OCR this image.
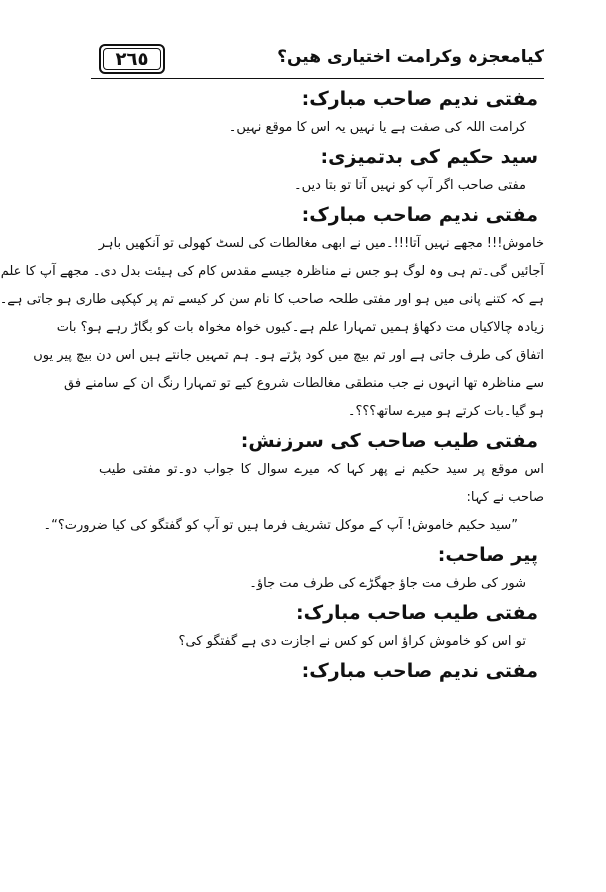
٢٦٥	کیامعجزہ وکرامت اختیاری ھیں؟

مفتی ندیم صاحب مبارک:

کرامت اللہ کی صفت ہے یا نہیں یہ اس کا موقع نہیں۔

سید حکیم کی بدتمیزی:

مفتی صاحب اگر آپ کو نہیں آتا تو بتا دیں۔

مفتی ندیم صاحب مبارک:

خاموش!!! مجھے نہیں آتا!!!۔میں نے ابھی مغالطات کی لسٹ کھولی تو آنکھیں باہر

آجائیں گی۔تم ہی وہ لوگ ہو جس نے مناظرہ جیسے مقدس کام کی ہیئت بدل دی۔ مجھے آپ کا علم

ہے کہ کتنے پانی میں ہو اور مفتی طلحہ صاحب کا نام سن کر کیسے تم پر کپکپی طاری ہو جاتی ہے۔

زیادہ چالاکیاں مت دکھاؤ ہمیں تمہارا علم ہے۔کیوں خواہ مخواہ بات کو بگاڑ رہے ہو؟ بات

اتفاق کی طرف جاتی ہے اور تم بیچ میں کود پڑتے ہو۔ ہم تمہیں جانتے ہیں اس دن بیچ پیر یوں

سے مناظرہ تھا انہوں نے جب منطقی مغالطات شروع کیے تو تمہارا رنگ ان کے سامنے فق

ہو گیا۔بات کرتے ہو میرے ساتھ؟؟؟۔

مفتی طیب صاحب کی سرزنش:

اس موقع پر سید حکیم نے پھر کہا کہ میرے سوال کا جواب دو۔تو مفتی طیب

صاحب نے کہا:

”سید حکیم خاموش! آپ کے موکل تشریف فرما ہیں تو آپ کو گفتگو کی کیا ضرورت؟“۔

پیر صاحب:

شور کی طرف مت جاؤ جھگڑے کی طرف مت جاؤ۔

مفتی طیب صاحب مبارک:

تو اس کو خاموش کراؤ اس کو کس نے اجازت دی ہے گفتگو کی؟

مفتی ندیم صاحب مبارک:
